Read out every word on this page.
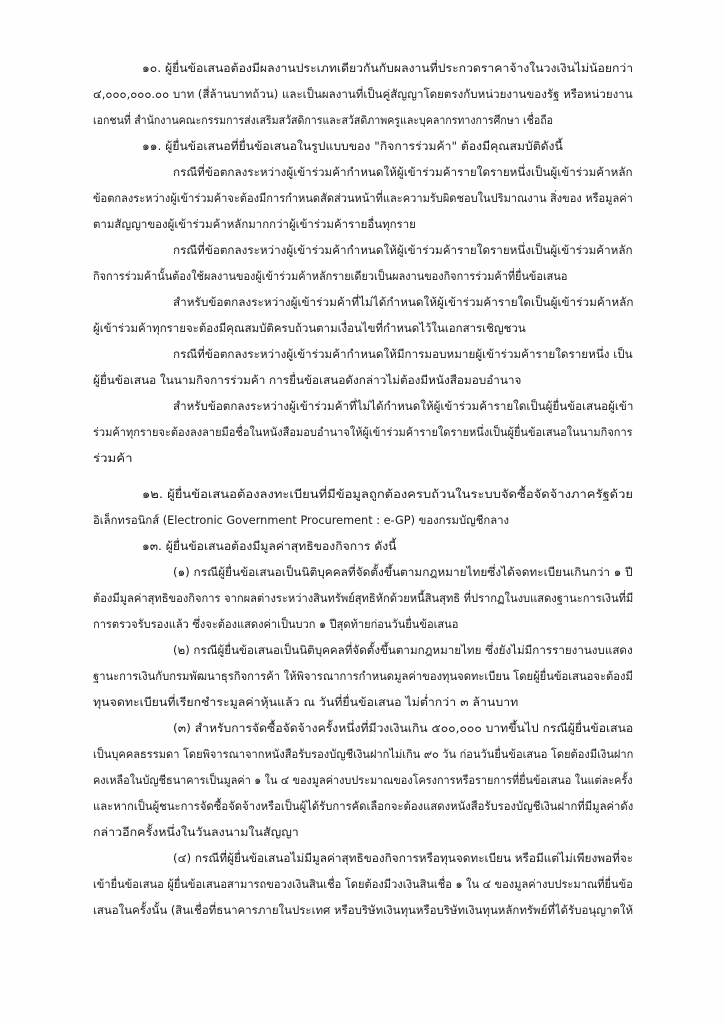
๑๐. ผู้ยื่นข้อเสนอต้องมีผลงานประเภทเดียวกันกับผลงานที่ประกวดราคาจ้างในวงเงินไม่น้อยกว่า
๔,๐๐๐,๐๐๐.๐๐ บาท (สี่ล้านบาทถ้วน) และเป็นผลงานที่เป็นคู่สัญญาโดยตรงกับหน่วยงานของรัฐ หรือหน่วยงาน
เอกชนที่ สำนักงานคณะกรรมการส่งเสริมสวัสดิการและสวัสดิภาพครูและบุคลากรทางการศึกษา เชื่อถือ
๑๑. ผู้ยื่นข้อเสนอที่ยื่นข้อเสนอในรูปแบบของ "กิจการร่วมค้า" ต้องมีคุณสมบัติดังนี้
กรณีที่ข้อตกลงระหว่างผู้เข้าร่วมค้ากำหนดให้ผู้เข้าร่วมค้ารายใดรายหนึ่งเป็นผู้เข้าร่วมค้าหลัก
ข้อตกลงระหว่างผู้เข้าร่วมค้าจะต้องมีการกำหนดสัดส่วนหน้าที่และความรับผิดชอบในปริมาณงาน สิ่งของ หรือมูลค่า
ตามสัญญาของผู้เข้าร่วมค้าหลักมากกว่าผู้เข้าร่วมค้ารายอื่นทุกราย
กรณีที่ข้อตกลงระหว่างผู้เข้าร่วมค้ากำหนดให้ผู้เข้าร่วมค้ารายใดรายหนึ่งเป็นผู้เข้าร่วมค้าหลัก
กิจการร่วมค้านั้นต้องใช้ผลงานของผู้เข้าร่วมค้าหลักรายเดียวเป็นผลงานของกิจการร่วมค้าที่ยื่นข้อเสนอ
สำหรับข้อตกลงระหว่างผู้เข้าร่วมค้าที่ไม่ได้กำหนดให้ผู้เข้าร่วมค้ารายใดเป็นผู้เข้าร่วมค้าหลัก
ผู้เข้าร่วมค้าทุกรายจะต้องมีคุณสมบัติครบถ้วนตามเงื่อนไขที่กำหนดไว้ในเอกสารเชิญชวน
กรณีที่ข้อตกลงระหว่างผู้เข้าร่วมค้ากำหนดให้มีการมอบหมายผู้เข้าร่วมค้ารายใดรายหนึ่ง เป็น
ผู้ยื่นข้อเสนอ ในนามกิจการร่วมค้า การยื่นข้อเสนอดังกล่าวไม่ต้องมีหนังสือมอบอำนาจ
สำหรับข้อตกลงระหว่างผู้เข้าร่วมค้าที่ไม่ได้กำหนดให้ผู้เข้าร่วมค้ารายใดเป็นผู้ยื่นข้อเสนอผู้เข้า
ร่วมค้าทุกรายจะต้องลงลายมือชื่อในหนังสือมอบอำนาจให้ผู้เข้าร่วมค้ารายใดรายหนึ่งเป็นผู้ยื่นข้อเสนอในนามกิจการ
ร่วมค้า
๑๒. ผู้ยื่นข้อเสนอต้องลงทะเบียนที่มีข้อมูลถูกต้องครบถ้วนในระบบจัดซื้อจัดจ้างภาครัฐด้วย
อิเล็กทรอนิกส์ (Electronic Government Procurement : e-GP) ของกรมบัญชีกลาง
๑๓. ผู้ยื่นข้อเสนอต้องมีมูลค่าสุทธิของกิจการ ดังนี้
(๑) กรณีผู้ยื่นข้อเสนอเป็นนิติบุคคลที่จัดตั้งขึ้นตามกฎหมายไทยซึ่งได้จดทะเบียนเกินกว่า ๑ ปี
ต้องมีมูลค่าสุทธิของกิจการ จากผลต่างระหว่างสินทรัพย์สุทธิหักด้วยหนี้สินสุทธิ ที่ปรากฏในงบแสดงฐานะการเงินที่มี
การตรวจรับรองแล้ว ซึ่งจะต้องแสดงค่าเป็นบวก ๑ ปีสุดท้ายก่อนวันยื่นข้อเสนอ
(๒) กรณีผู้ยื่นข้อเสนอเป็นนิติบุคคลที่จัดตั้งขึ้นตามกฎหมายไทย ซึ่งยังไม่มีการรายงานงบแสดง
ฐานะการเงินกับกรมพัฒนาธุรกิจการค้า ให้พิจารณาการกำหนดมูลค่าของทุนจดทะเบียน โดยผู้ยื่นข้อเสนอจะต้องมี
ทุนจดทะเบียนที่เรียกชำระมูลค่าหุ้นแล้ว ณ วันที่ยื่นข้อเสนอ ไม่ต่ำกว่า ๓ ล้านบาท
(๓) สำหรับการจัดซื้อจัดจ้างครั้งหนึ่งที่มีวงเงินเกิน ๕๐๐,๐๐๐ บาทขึ้นไป กรณีผู้ยื่นข้อเสนอ
เป็นบุคคลธรรมดา โดยพิจารณาจากหนังสือรับรองบัญชีเงินฝากไม่เกิน ๙๐ วัน ก่อนวันยื่นข้อเสนอ โดยต้องมีเงินฝาก
คงเหลือในบัญชีธนาคารเป็นมูลค่า ๑ ใน ๔ ของมูลค่างบประมาณของโครงการหรือรายการที่ยื่นข้อเสนอ ในแต่ละครั้ง
และหากเป็นผู้ชนะการจัดซื้อจัดจ้างหรือเป็นผู้ได้รับการคัดเลือกจะต้องแสดงหนังสือรับรองบัญชีเงินฝากที่มีมูลค่าดัง
กล่าวอีกครั้งหนึ่งในวันลงนามในสัญญา
(๔) กรณีที่ผู้ยื่นข้อเสนอไม่มีมูลค่าสุทธิของกิจการหรือทุนจดทะเบียน หรือมีแต่ไม่เพียงพอที่จะ
เข้ายื่นข้อเสนอ ผู้ยื่นข้อเสนอสามารถขอวงเงินสินเชื่อ โดยต้องมีวงเงินสินเชื่อ ๑ ใน ๔ ของมูลค่างบประมาณที่ยื่นข้อ
เสนอในครั้งนั้น (สินเชื่อที่ธนาคารภายในประเทศ หรือบริษัทเงินทุนหรือบริษัทเงินทุนหลักทรัพย์ที่ได้รับอนุญาตให้
